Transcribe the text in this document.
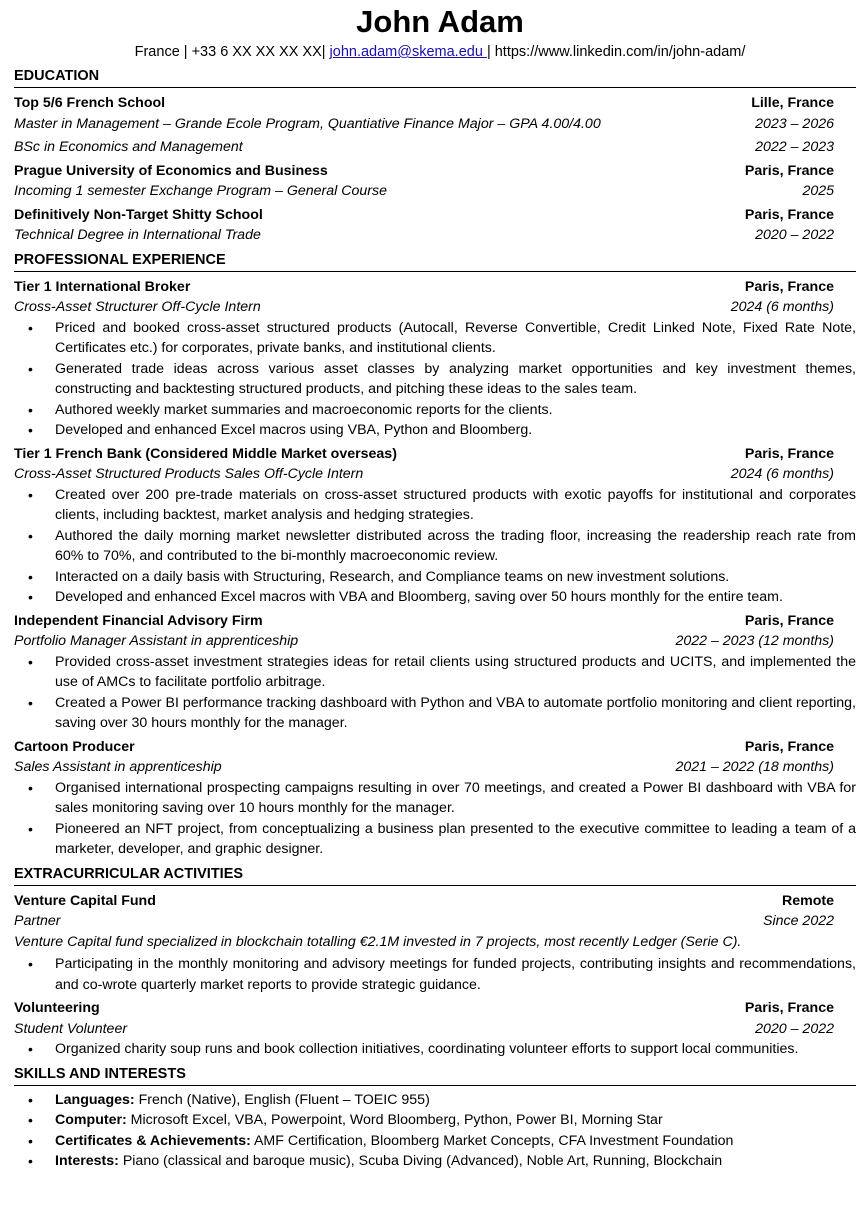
John Adam
France | +33 6 XX XX XX XX| john.adam@skema.edu | https://www.linkedin.com/in/john-adam/
EDUCATION
Top 5/6 French School	Lille, France
Master in Management – Grande Ecole Program, Quantiative Finance Major – GPA 4.00/4.00	2023 – 2026
BSc in Economics and Management	2022 – 2023
Prague University of Economics and Business	Paris, France
Incoming 1 semester Exchange Program – General Course	2025
Definitively Non-Target Shitty School	Paris, France
Technical Degree in International Trade	2020 – 2022
PROFESSIONAL EXPERIENCE
Tier 1 International Broker	Paris, France
Cross-Asset Structurer Off-Cycle Intern	2024 (6 months)
• Priced and booked cross-asset structured products (Autocall, Reverse Convertible, Credit Linked Note, Fixed Rate Note, Certificates etc.) for corporates, private banks, and institutional clients.
• Generated trade ideas across various asset classes by analyzing market opportunities and key investment themes, constructing and backtesting structured products, and pitching these ideas to the sales team.
• Authored weekly market summaries and macroeconomic reports for the clients.
• Developed and enhanced Excel macros using VBA, Python and Bloomberg.
Tier 1 French Bank (Considered Middle Market overseas)	Paris, France
Cross-Asset Structured Products Sales Off-Cycle Intern	2024 (6 months)
• Created over 200 pre-trade materials on cross-asset structured products with exotic payoffs for institutional and corporates clients, including backtest, market analysis and hedging strategies.
• Authored the daily morning market newsletter distributed across the trading floor, increasing the readership reach rate from 60% to 70%, and contributed to the bi-monthly macroeconomic review.
• Interacted on a daily basis with Structuring, Research, and Compliance teams on new investment solutions.
• Developed and enhanced Excel macros with VBA and Bloomberg, saving over 50 hours monthly for the entire team.
Independent Financial Advisory Firm	Paris, France
Portfolio Manager Assistant in apprenticeship	2022 – 2023 (12 months)
• Provided cross-asset investment strategies ideas for retail clients using structured products and UCITS, and implemented the use of AMCs to facilitate portfolio arbitrage.
• Created a Power BI performance tracking dashboard with Python and VBA to automate portfolio monitoring and client reporting, saving over 30 hours monthly for the manager.
Cartoon Producer	Paris, France
Sales Assistant in apprenticeship	2021 – 2022 (18 months)
• Organised international prospecting campaigns resulting in over 70 meetings, and created a Power BI dashboard with VBA for sales monitoring saving over 10 hours monthly for the manager.
• Pioneered an NFT project, from conceptualizing a business plan presented to the executive committee to leading a team of a marketer, developer, and graphic designer.
EXTRACURRICULAR ACTIVITIES
Venture Capital Fund	Remote
Partner	Since 2022
Venture Capital fund specialized in blockchain totalling €2.1M invested in 7 projects, most recently Ledger (Serie C).
• Participating in the monthly monitoring and advisory meetings for funded projects, contributing insights and recommendations, and co-wrote quarterly market reports to provide strategic guidance.
Volunteering	Paris, France
Student Volunteer	2020 – 2022
• Organized charity soup runs and book collection initiatives, coordinating volunteer efforts to support local communities.
SKILLS AND INTERESTS
• Languages: French (Native), English (Fluent – TOEIC 955)
• Computer: Microsoft Excel, VBA, Powerpoint, Word Bloomberg, Python, Power BI, Morning Star
• Certificates & Achievements: AMF Certification, Bloomberg Market Concepts, CFA Investment Foundation
• Interests: Piano (classical and baroque music), Scuba Diving (Advanced), Noble Art, Running, Blockchain
